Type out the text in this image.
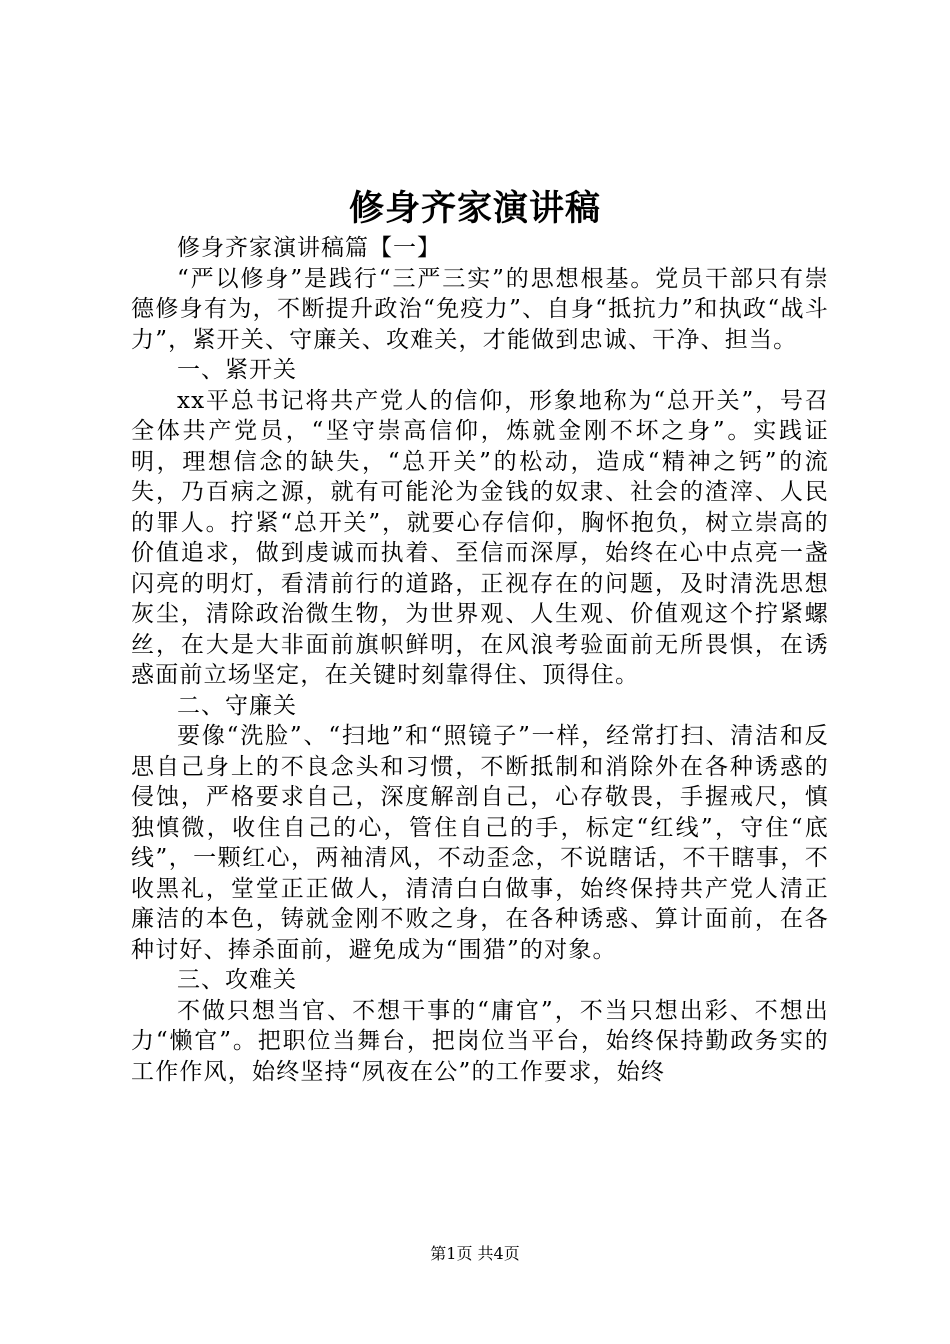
修身齐家演讲稿

修身齐家演讲稿篇【一】

“严以修身”是践行“三严三实”的思想根基。党员干部只有崇德修身有为，不断提升政治“免疫力”、自身“抵抗力”和执政“战斗力”，紧开关、守廉关、攻难关，才能做到忠诚、干净、担当。

一、紧开关

xx平总书记将共产党人的信仰，形象地称为“总开关”，号召全体共产党员，“坚守崇高信仰，炼就金刚不坏之身”。实践证明，理想信念的缺失，“总开关”的松动，造成“精神之钙”的流失，乃百病之源，就有可能沦为金钱的奴隶、社会的渣滓、人民的罪人。拧紧“总开关”，就要心存信仰，胸怀抱负，树立崇高的价值追求，做到虔诚而执着、至信而深厚，始终在心中点亮一盏闪亮的明灯，看清前行的道路，正视存在的问题，及时清洗思想灰尘，清除政治微生物，为世界观、人生观、价值观这个拧紧螺丝，在大是大非面前旗帜鲜明，在风浪考验面前无所畏惧，在诱惑面前立场坚定，在关键时刻靠得住、顶得住。

二、守廉关

要像“洗脸”、“扫地”和“照镜子”一样，经常打扫、清洁和反思自己身上的不良念头和习惯，不断抵制和消除外在各种诱惑的侵蚀，严格要求自己，深度解剖自己，心存敬畏，手握戒尺，慎独慎微，收住自己的心，管住自己的手，标定“红线”，守住“底线”，一颗红心，两袖清风，不动歪念，不说瞎话，不干瞎事，不收黑礼，堂堂正正做人，清清白白做事，始终保持共产党人清正廉洁的本色，铸就金刚不败之身，在各种诱惑、算计面前，在各种讨好、捧杀面前，避免成为“围猎”的对象。

三、攻难关

不做只想当官、不想干事的“庸官”，不当只想出彩、不想出力“懒官”。把职位当舞台，把岗位当平台，始终保持勤政务实的工作作风，始终坚持“夙夜在公”的工作要求，始终

第1页 共4页
